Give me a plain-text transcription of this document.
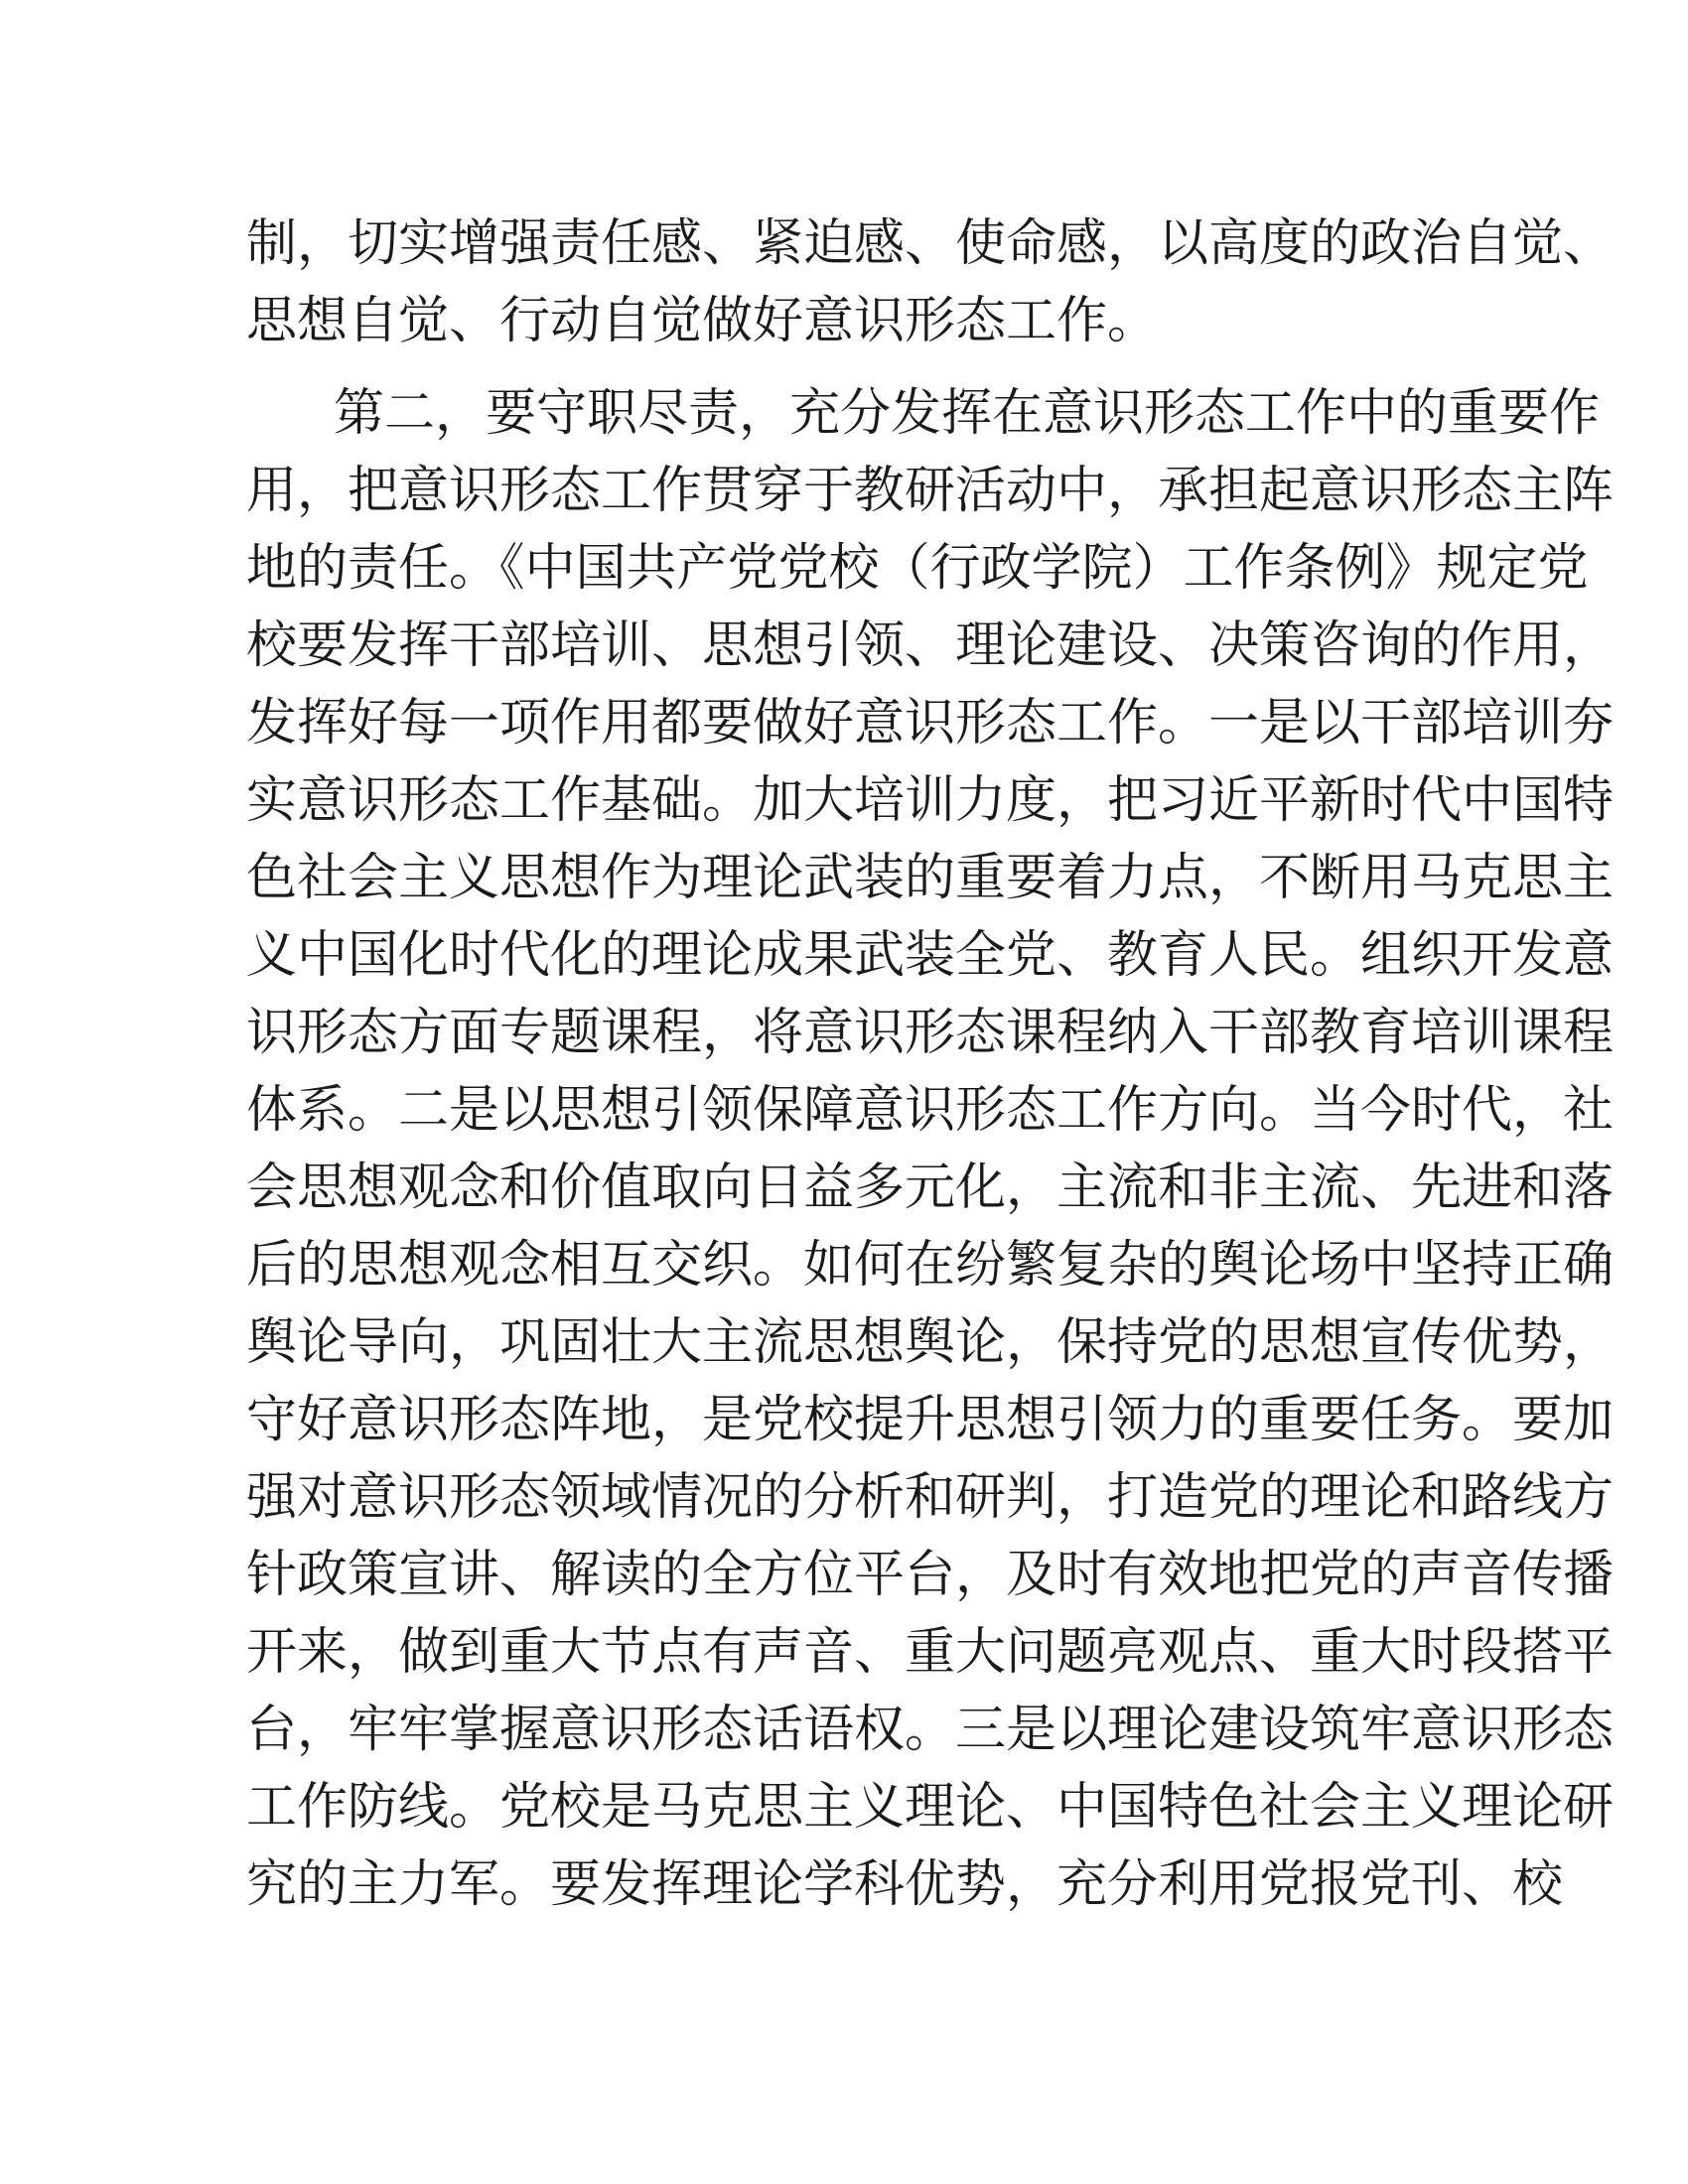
制，切实增强责任感、紧迫感、使命感，以高度的政治自觉、
思想自觉、行动自觉做好意识形态工作。
第二，要守职尽责，充分发挥在意识形态工作中的重要作
用，把意识形态工作贯穿于教研活动中，承担起意识形态主阵
地的责任。《中国共产党党校（行政学院）工作条例》规定党
校要发挥干部培训、思想引领、理论建设、决策咨询的作用，
发挥好每一项作用都要做好意识形态工作。一是以干部培训夯
实意识形态工作基础。加大培训力度，把习近平新时代中国特
色社会主义思想作为理论武装的重要着力点，不断用马克思主
义中国化时代化的理论成果武装全党、教育人民。组织开发意
识形态方面专题课程，将意识形态课程纳入干部教育培训课程
体系。二是以思想引领保障意识形态工作方向。当今时代，社
会思想观念和价值取向日益多元化，主流和非主流、先进和落
后的思想观念相互交织。如何在纷繁复杂的舆论场中坚持正确
舆论导向，巩固壮大主流思想舆论，保持党的思想宣传优势，
守好意识形态阵地，是党校提升思想引领力的重要任务。要加
强对意识形态领域情况的分析和研判，打造党的理论和路线方
针政策宣讲、解读的全方位平台，及时有效地把党的声音传播
开来，做到重大节点有声音、重大问题亮观点、重大时段搭平
台，牢牢掌握意识形态话语权。三是以理论建设筑牢意识形态
工作防线。党校是马克思主义理论、中国特色社会主义理论研
究的主力军。要发挥理论学科优势，充分利用党报党刊、校
